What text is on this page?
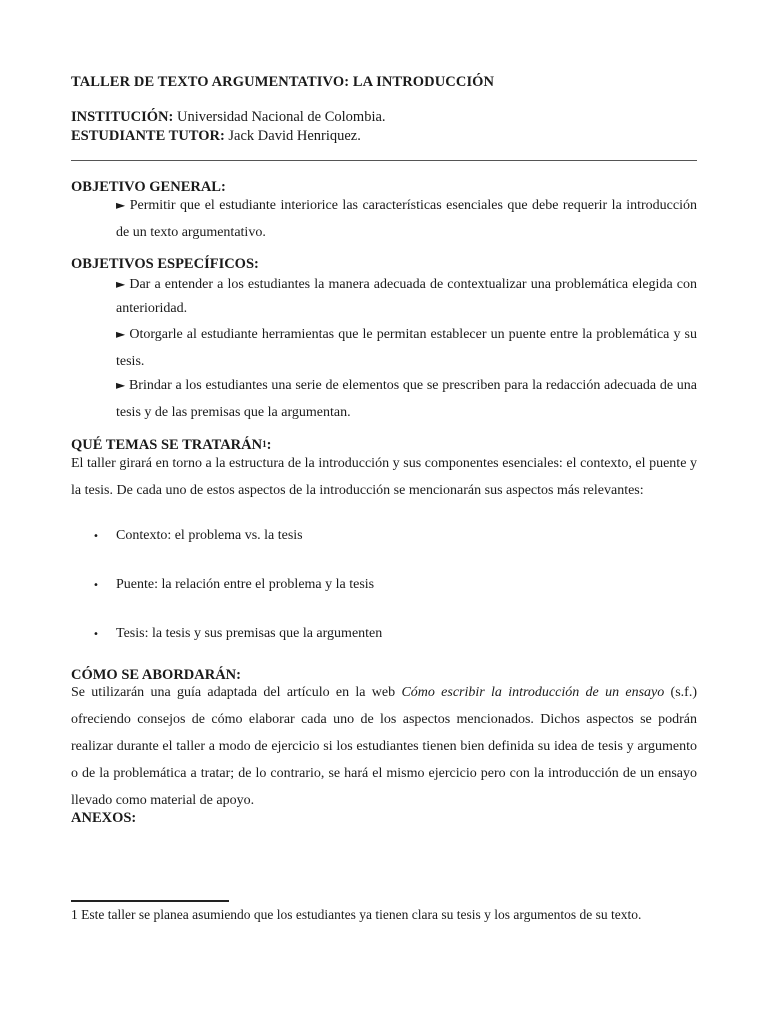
TALLER DE TEXTO ARGUMENTATIVO: LA INTRODUCCIÓN
INSTITUCIÓN: Universidad Nacional de Colombia.
ESTUDIANTE TUTOR: Jack David Henriquez.
OBJETIVO GENERAL:
► Permitir que el estudiante interiorice las características esenciales que debe requerir la introducción de un texto argumentativo.
OBJETIVOS ESPECÍFICOS:
► Dar a entender a los estudiantes la manera adecuada de contextualizar una problemática elegida con anterioridad.
► Otorgarle al estudiante herramientas que le permitan establecer un puente entre la problemática y su tesis.
► Brindar a los estudiantes una serie de elementos que se prescriben para la redacción adecuada de una tesis y de las premisas que la argumentan.
QUÉ TEMAS SE TRATARÁN$^1$:

El taller girará en torno a la estructura de la introducción y sus componentes esenciales: el contexto, el puente y la tesis. De cada uno de estos aspectos de la introducción se mencionarán sus aspectos más relevantes:

• Contexto: el problema vs. la tesis
• Puente: la relación entre el problema y la tesis
• Tesis: la tesis y sus premisas que la argumenten
CÓMO SE ABORDARÁN:

Se utilizarán una guía adaptada del artículo en la web Cómo escribir la introducción de un ensayo (s.f.) ofreciendo consejos de cómo elaborar cada uno de los aspectos mencionados. Dichos aspectos se podrán realizar durante el taller a modo de ejercicio si los estudiantes tienen bien definida su idea de tesis y argumento o de la problemática a tratar; de lo contrario, se hará el mismo ejercicio pero con la introducción de un ensayo llevado como material de apoyo.

ANEXOS:
1 Este taller se planea asumiendo que los estudiantes ya tienen clara su tesis y los argumentos de su texto.
